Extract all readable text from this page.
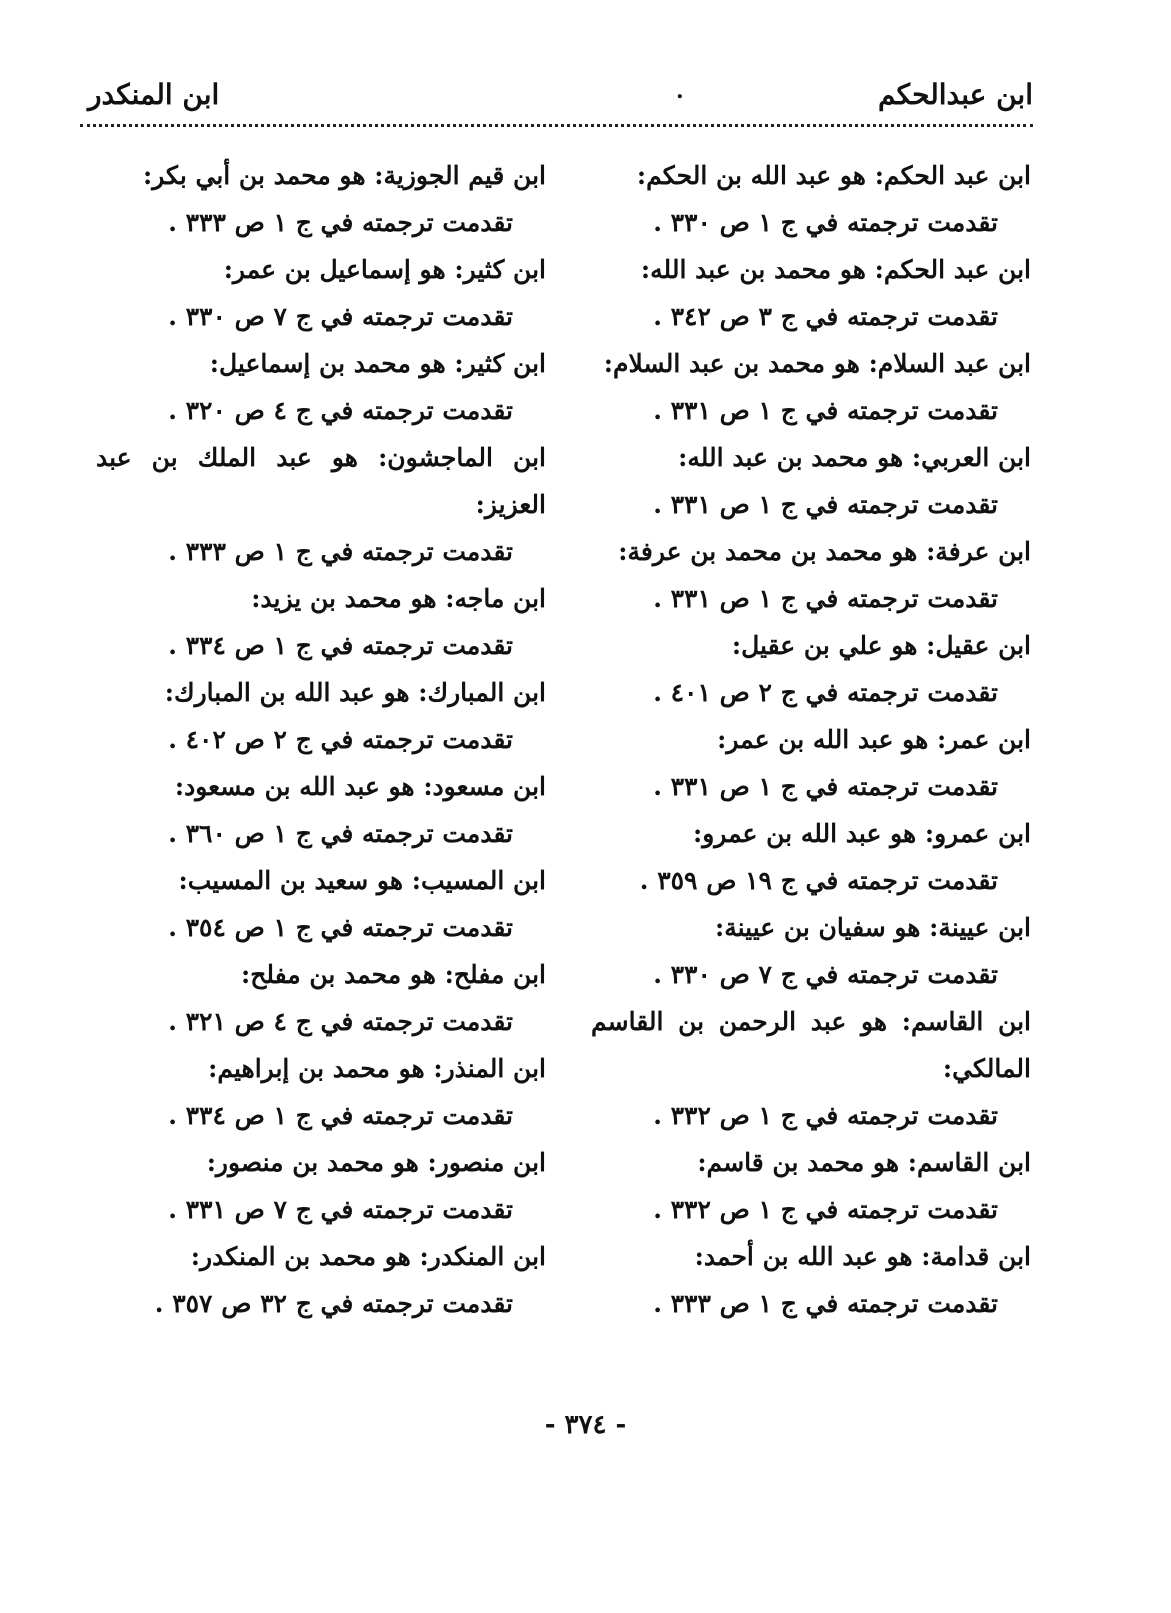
ابن عبدالحكم
.
ابن المنكدر
ابن عبد الحكم: هو عبد الله بن الحكم:
تقدمت ترجمته في ج ١ ص ٣٣٠ .
ابن عبد الحكم: هو محمد بن عبد الله:
تقدمت ترجمته في ج ٣ ص ٣٤٢ .
ابن عبد السلام: هو محمد بن عبد السلام:
تقدمت ترجمته في ج ١ ص ٣٣١ .
ابن العربي: هو محمد بن عبد الله:
تقدمت ترجمته في ج ١ ص ٣٣١ .
ابن عرفة: هو محمد بن محمد بن عرفة:
تقدمت ترجمته في ج ١ ص ٣٣١ .
ابن عقيل: هو علي بن عقيل:
تقدمت ترجمته في ج ٢ ص ٤٠١ .
ابن عمر: هو عبد الله بن عمر:
تقدمت ترجمته في ج ١ ص ٣٣١ .
ابن عمرو: هو عبد الله بن عمرو:
تقدمت ترجمته في ج ١٩ ص ٣٥٩ .
ابن عيينة: هو سفيان بن عيينة:
تقدمت ترجمته في ج ٧ ص ٣٣٠ .
ابن القاسم: هو عبد الرحمن بن القاسم المالكي:
تقدمت ترجمته في ج ١ ص ٣٣٢ .
ابن القاسم: هو محمد بن قاسم:
تقدمت ترجمته في ج ١ ص ٣٣٢ .
ابن قدامة: هو عبد الله بن أحمد:
تقدمت ترجمته في ج ١ ص ٣٣٣ .
ابن قيم الجوزية: هو محمد بن أبي بكر:
تقدمت ترجمته في ج ١ ص ٣٣٣ .
ابن كثير: هو إسماعيل بن عمر:
تقدمت ترجمته في ج ٧ ص ٣٣٠ .
ابن كثير: هو محمد بن إسماعيل:
تقدمت ترجمته في ج ٤ ص ٣٢٠ .
ابن الماجشون: هو عبد الملك بن عبد العزيز:
تقدمت ترجمته في ج ١ ص ٣٣٣ .
ابن ماجه: هو محمد بن يزيد:
تقدمت ترجمته في ج ١ ص ٣٣٤ .
ابن المبارك: هو عبد الله بن المبارك:
تقدمت ترجمته في ج ٢ ص ٤٠٢ .
ابن مسعود: هو عبد الله بن مسعود:
تقدمت ترجمته في ج ١ ص ٣٦٠ .
ابن المسيب: هو سعيد بن المسيب:
تقدمت ترجمته في ج ١ ص ٣٥٤ .
ابن مفلح: هو محمد بن مفلح:
تقدمت ترجمته في ج ٤ ص ٣٢١ .
ابن المنذر: هو محمد بن إبراهيم:
تقدمت ترجمته في ج ١ ص ٣٣٤ .
ابن منصور: هو محمد بن منصور:
تقدمت ترجمته في ج ٧ ص ٣٣١ .
ابن المنكدر: هو محمد بن المنكدر:
تقدمت ترجمته في ج ٣٢ ص ٣٥٧ .
- ٣٧٤ -
